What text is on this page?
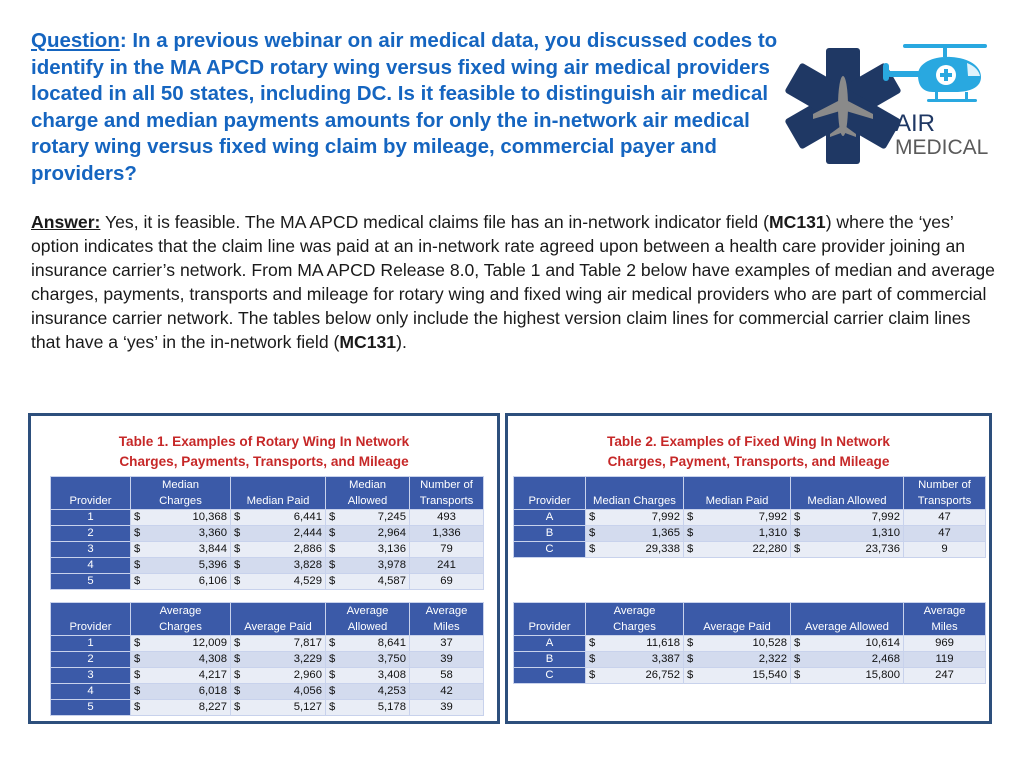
Question: In a previous webinar on air medical data, you discussed codes to identify in the MA APCD rotary wing versus fixed wing air medical providers located in all 50 states, including DC. Is it feasible to distinguish air medical charge and median payments amounts for only the in-network air medical rotary wing versus fixed wing claim by mileage, commercial payer and providers?

AIR
MEDICAL

Answer: Yes, it is feasible. The MA APCD medical claims file has an in-network indicator field (MC131) where the ‘yes’ option indicates that the claim line was paid at an in-network rate agreed upon between a health care provider joining an insurance carrier’s network. From MA APCD Release 8.0, Table 1 and Table 2 below have examples of median and average charges, payments, transports and mileage for rotary wing and fixed wing air medical providers who are part of commercial insurance carrier network. The tables below only include the highest version claim lines for commercial carrier claim lines that have a ‘yes’ in the in-network field (MC131).

Table 1. Examples of Rotary Wing In Network
Charges, Payments, Transports, and Mileage
	Median		Median	Number of
Provider	Charges	Median Paid	Allowed	Transports
1	$ 10,368	$ 6,441	$ 7,245	493
2	$ 3,360	$ 2,444	$ 2,964	1,336
3	$ 3,844	$ 2,886	$ 3,136	79
4	$ 5,396	$ 3,828	$ 3,978	241
5	$ 6,106	$ 4,529	$ 4,587	69
	Average		Average	Average
Provider	Charges	Average Paid	Allowed	Miles
1	$ 12,009	$ 7,817	$ 8,641	37
2	$ 4,308	$ 3,229	$ 3,750	39
3	$ 4,217	$ 2,960	$ 3,408	58
4	$ 6,018	$ 4,056	$ 4,253	42
5	$ 8,227	$ 5,127	$ 5,178	39
Table 2. Examples of Fixed Wing In Network
Charges, Payment, Transports, and Mileage
				Number of
Provider	Median Charges	Median Paid	Median Allowed	Transports
A	$ 7,992	$ 7,992	$ 7,992	47
B	$ 1,365	$ 1,310	$ 1,310	47
C	$ 29,338	$ 22,280	$ 23,736	9
	Average			Average
Provider	Charges	Average Paid	Average Allowed	Miles
A	$ 11,618	$ 10,528	$ 10,614	969
B	$ 3,387	$ 2,322	$ 2,468	119
C	$ 26,752	$ 15,540	$ 15,800	247
